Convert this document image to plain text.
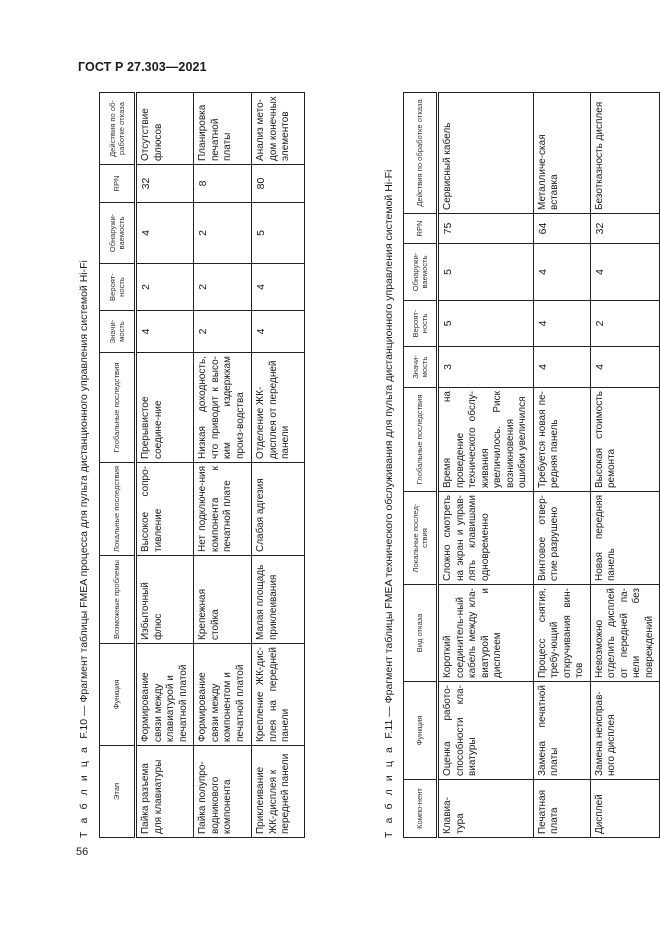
ГОСТ Р 27.303—2021
56
Т а б л и ц а  F.10 — Фрагмент таблицы FMEA процесса для пульта дистанционного управления системой Hi-Fi
Этап	Функция	Возможные проблемы	Локальные последствия	Глобальные последствия	Значи-мость	Вероят-ность	Обнаружи-ваемость	RPN	Действия по об-работке отказа
Пайка разъема для клавиатуры	Формирование связи между клавиатурой и печатной платой	Избыточный флюс	Высокое сопро-тивление	Прерывистое соедине-ние	4	2	4	32	Отсутствие флюсов
Пайка полупро-водникового компонента	Формирование связи между компонентом и печатной платой	Крепежная стойка	Нет подключе-ния компонента к печатной плате	Низкая доходность, что приводит к высо-ким издержкам произ-водства	2	2	2	8	Планировка печатной платы
Приклеивание ЖК-дисплея к передней панели	Крепление ЖК-дис-плея на передней панели	Малая площадь приклеивания	Слабая адгезия	Отделение ЖК-дисплея от передней панели	4	4	5	80	Анализ мето-дом конечных элементов
Т а б л и ц а  F.11 — Фрагмент таблицы FMEA технического обслуживания для пульта дистанционного управления системой Hi-Fi
Компо-нент	Функция	Вид отказа	Локальные послед-ствия	Глобальные последствия	Значи-мость	Вероят-ность	Обнаружи-ваемость	RPN	Действия по обработке отказа
Клавиа-тура	Оценка работо-способности кла-виатуры	Короткий соединитель-ный кабель между кла-виатурой и дисплеем	Сложно смотреть на экран и управ-лять клавишами одновременно	Время на проведение технического обслу-живания увеличилось. Риск возникновения ошибки увеличился	3	5	5	75	Сервисный кабель
Печатная плата	Замена печатной платы	Процесс снятия, требу-ющий откручивания вин-тов	Винтовое отвер-стие разрушено	Требуется новая пе-редняя панель	4	4	4	64	Металличе-ская вставка
Дисплей	Замена неисправ-ного дисплея	Невозможно отделить дисплей от передней па-нели без повреждений	Новая передняя панель	Высокая стоимость ремонта	4	2	4	32	Безотказность дисплея
